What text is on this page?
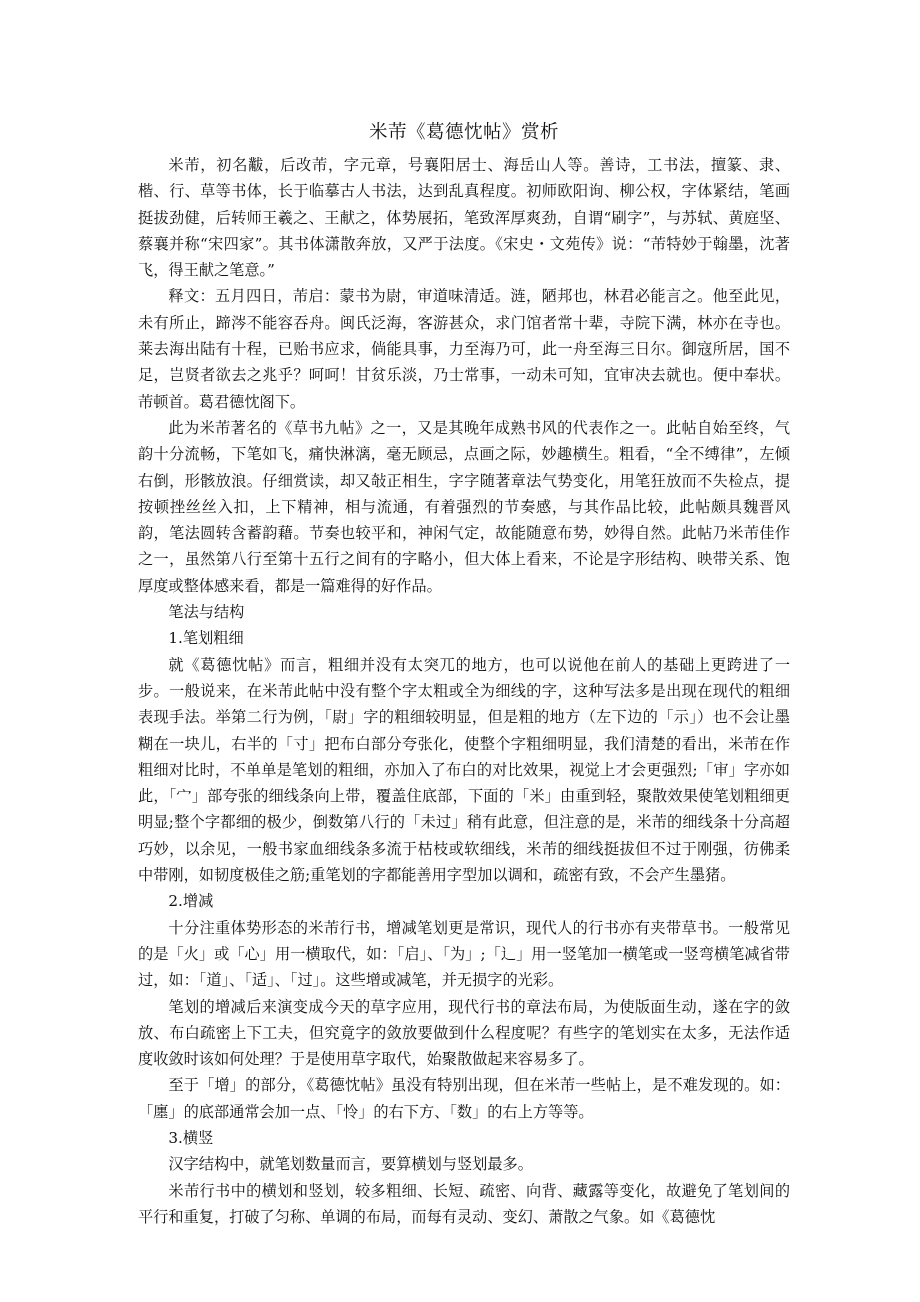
米芾《葛德忱帖》赏析

米芾，初名黻，后改芾，字元章，号襄阳居士、海岳山人等。善诗，工书法，擅篆、隶、楷、行、草等书体，长于临摹古人书法，达到乱真程度。初师欧阳询、柳公权，字体紧结，笔画挺拔劲健，后转师王羲之、王献之，体势展拓，笔致浑厚爽劲，自谓“刷字”，与苏轼、黄庭坚、蔡襄并称“宋四家”。其书体潇散奔放，又严于法度。《宋史・文苑传》说：“芾特妙于翰墨，沈著飞，得王献之笔意。”

释文：五月四日，芾启：蒙书为尉，审道味清适。涟，陋邦也，林君必能言之。他至此见，未有所止，蹄涔不能容吞舟。闽氏泛海，客游甚众，求门馆者常十辈，寺院下满，林亦在寺也。莱去海出陆有十程，已贻书应求，倘能具事，力至海乃可，此一舟至海三日尔。御寇所居，国不足，岂贤者欲去之兆乎？呵呵！甘贫乐淡，乃士常事，一动未可知，宜审决去就也。便中奉状。芾顿首。葛君德忱阁下。

此为米芾著名的《草书九帖》之一，又是其晚年成熟书风的代表作之一。此帖自始至终，气韵十分流畅，下笔如飞，痛快淋漓，毫无顾忌，点画之际，妙趣横生。粗看，“全不缚律”，左倾右倒，形骸放浪。仔细赏读，却又敧正相生，字字随著章法气势变化，用笔狂放而不失检点，提按顿挫丝丝入扣，上下精神，相与流通，有着强烈的节奏感，与其作品比较，此帖颇具魏晋风韵，笔法圆转含蓄韵藉。节奏也较平和，神闲气定，故能随意布势，妙得自然。此帖乃米芾佳作之一，虽然第八行至第十五行之间有的字略小，但大体上看来，不论是字形结构、映带关系、饱厚度或整体感来看，都是一篇难得的好作品。

笔法与结构

1.笔划粗细

就《葛德忱帖》而言，粗细并没有太突兀的地方，也可以说他在前人的基础上更跨进了一步。一般说来，在米芾此帖中没有整个字太粗或全为细线的字，这种写法多是出现在现代的粗细表现手法。举第二行为例，「尉」字的粗细较明显，但是粗的地方（左下边的「示」）也不会让墨糊在一块儿，右半的「寸」把布白部分夸张化，使整个字粗细明显，我们清楚的看出，米芾在作粗细对比时，不单单是笔划的粗细，亦加入了布白的对比效果，视觉上才会更强烈;「审」字亦如此，「宀」部夸张的细线条向上带，覆盖住底部，下面的「米」由重到轻，聚散效果使笔划粗细更明显;整个字都细的极少，倒数第八行的「未过」稍有此意，但注意的是，米芾的细线条十分高超巧妙，以余见，一般书家血细线条多流于枯枝或软细线，米芾的细线挺拔但不过于刚强，彷佛柔中带刚，如韧度极佳之筋;重笔划的字都能善用字型加以调和，疏密有致，不会产生墨猪。

2.增减

十分注重体势形态的米芾行书，增减笔划更是常识，现代人的行书亦有夹带草书。一般常见的是「火」或「心」用一横取代，如：「启」、「为」;「辶」用一竖笔加一横笔或一竖弯横笔减省带过，如：「道」、「适」、「过」。这些增或减笔，并无损字的光彩。

笔划的增减后来演变成今天的草字应用，现代行书的章法布局，为使版面生动，遂在字的敛放、布白疏密上下工夫，但究竟字的敛放要做到什么程度呢？有些字的笔划实在太多，无法作适度收敛时该如何处理？于是使用草字取代，始聚散做起来容易多了。

至于「增」的部分，《葛德忱帖》虽没有特别出现，但在米芾一些帖上，是不难发现的。如：「廛」的底部通常会加一点、「怜」的右下方、「数」的右上方等等。

3.横竖

汉字结构中，就笔划数量而言，要算横划与竖划最多。

米芾行书中的横划和竖划，较多粗细、长短、疏密、向背、藏露等变化，故避免了笔划间的平行和重复，打破了匀称、单调的布局，而每有灵动、变幻、萧散之气象。如《葛德忱
